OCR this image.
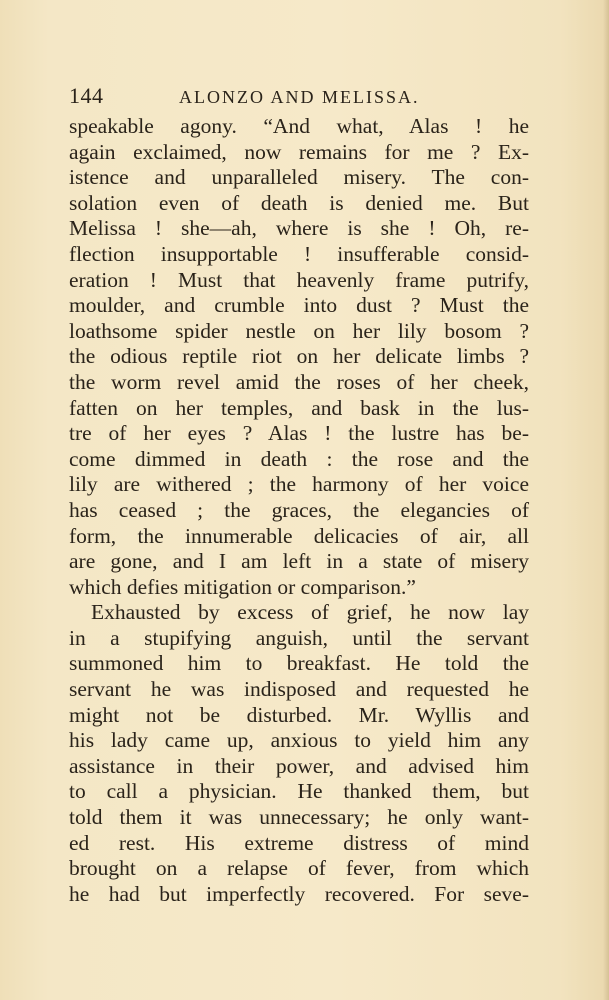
144	ALONZO AND MELISSA.
speakable agony. “And what, Alas ! he
again exclaimed, now remains for me ? Ex-
istence and unparalleled misery. The con-
solation even of death is denied me. But
Melissa ! she—ah, where is she ! Oh, re-
flection insupportable ! insufferable consid-
eration ! Must that heavenly frame putrify,
moulder, and crumble into dust ? Must the
loathsome spider nestle on her lily bosom ?
the odious reptile riot on her delicate limbs ?
the worm revel amid the roses of her cheek,
fatten on her temples, and bask in the lus-
tre of her eyes ? Alas ! the lustre has be-
come dimmed in death : the rose and the
lily are withered ; the harmony of her voice
has ceased ; the graces, the elegancies of
form, the innumerable delicacies of air, all
are gone, and I am left in a state of misery
which defies mitigation or comparison.”
Exhausted by excess of grief, he now lay
in a stupifying anguish, until the servant
summoned him to breakfast. He told the
servant he was indisposed and requested he
might not be disturbed. Mr. Wyllis and
his lady came up, anxious to yield him any
assistance in their power, and advised him
to call a physician. He thanked them, but
told them it was unnecessary; he only want-
ed rest. His extreme distress of mind
brought on a relapse of fever, from which
he had but imperfectly recovered. For seve-
